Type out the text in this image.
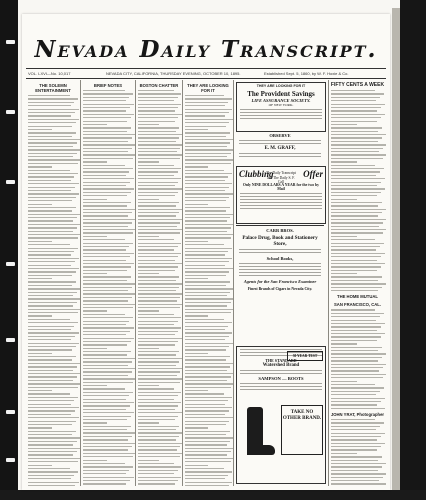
Nevada Daily Transcript.
VOL. LXVI—No. 10,017	NEVADA CITY, CALIFORNIA, THURSDAY EVENING, OCTOBER 10, 1895.	Established Sept. 5, 1860, by W. F. Hoxie & Co.
THE SOLEMN ENTERTAINMENT
BRIEF NOTES	BOSTON CHATTER	THEY ARE LOOKING FOR IT
THEY ARE LOOKING FOR IT
The Provident Savings
LIFE ASSURANCE SOCIETY.
OF NEW YORK.
OBSERVE
E. M. GRAFF,
Clubbing	Offer
The Daily Transcript and The Daily S. F. Call
Only NINE DOLLARS A YEAR for the two by Mail
CARR BROS.
Palace Drug, Book and Stationery Store,
School Books,
Agents for the San Francisco Examiner
Finest Brands of Cigars in Nevada City.
THE STANDARD
Watershed Brand
SAMPSON — BOOTS
30 YEAR TEST
TAKE NO OTHER BRAND.
FIFTY CENTS A WEEK
THE HOME MUTUAL
SAN FRANCISCO, CAL.
JOHN YRAT, Photographer
